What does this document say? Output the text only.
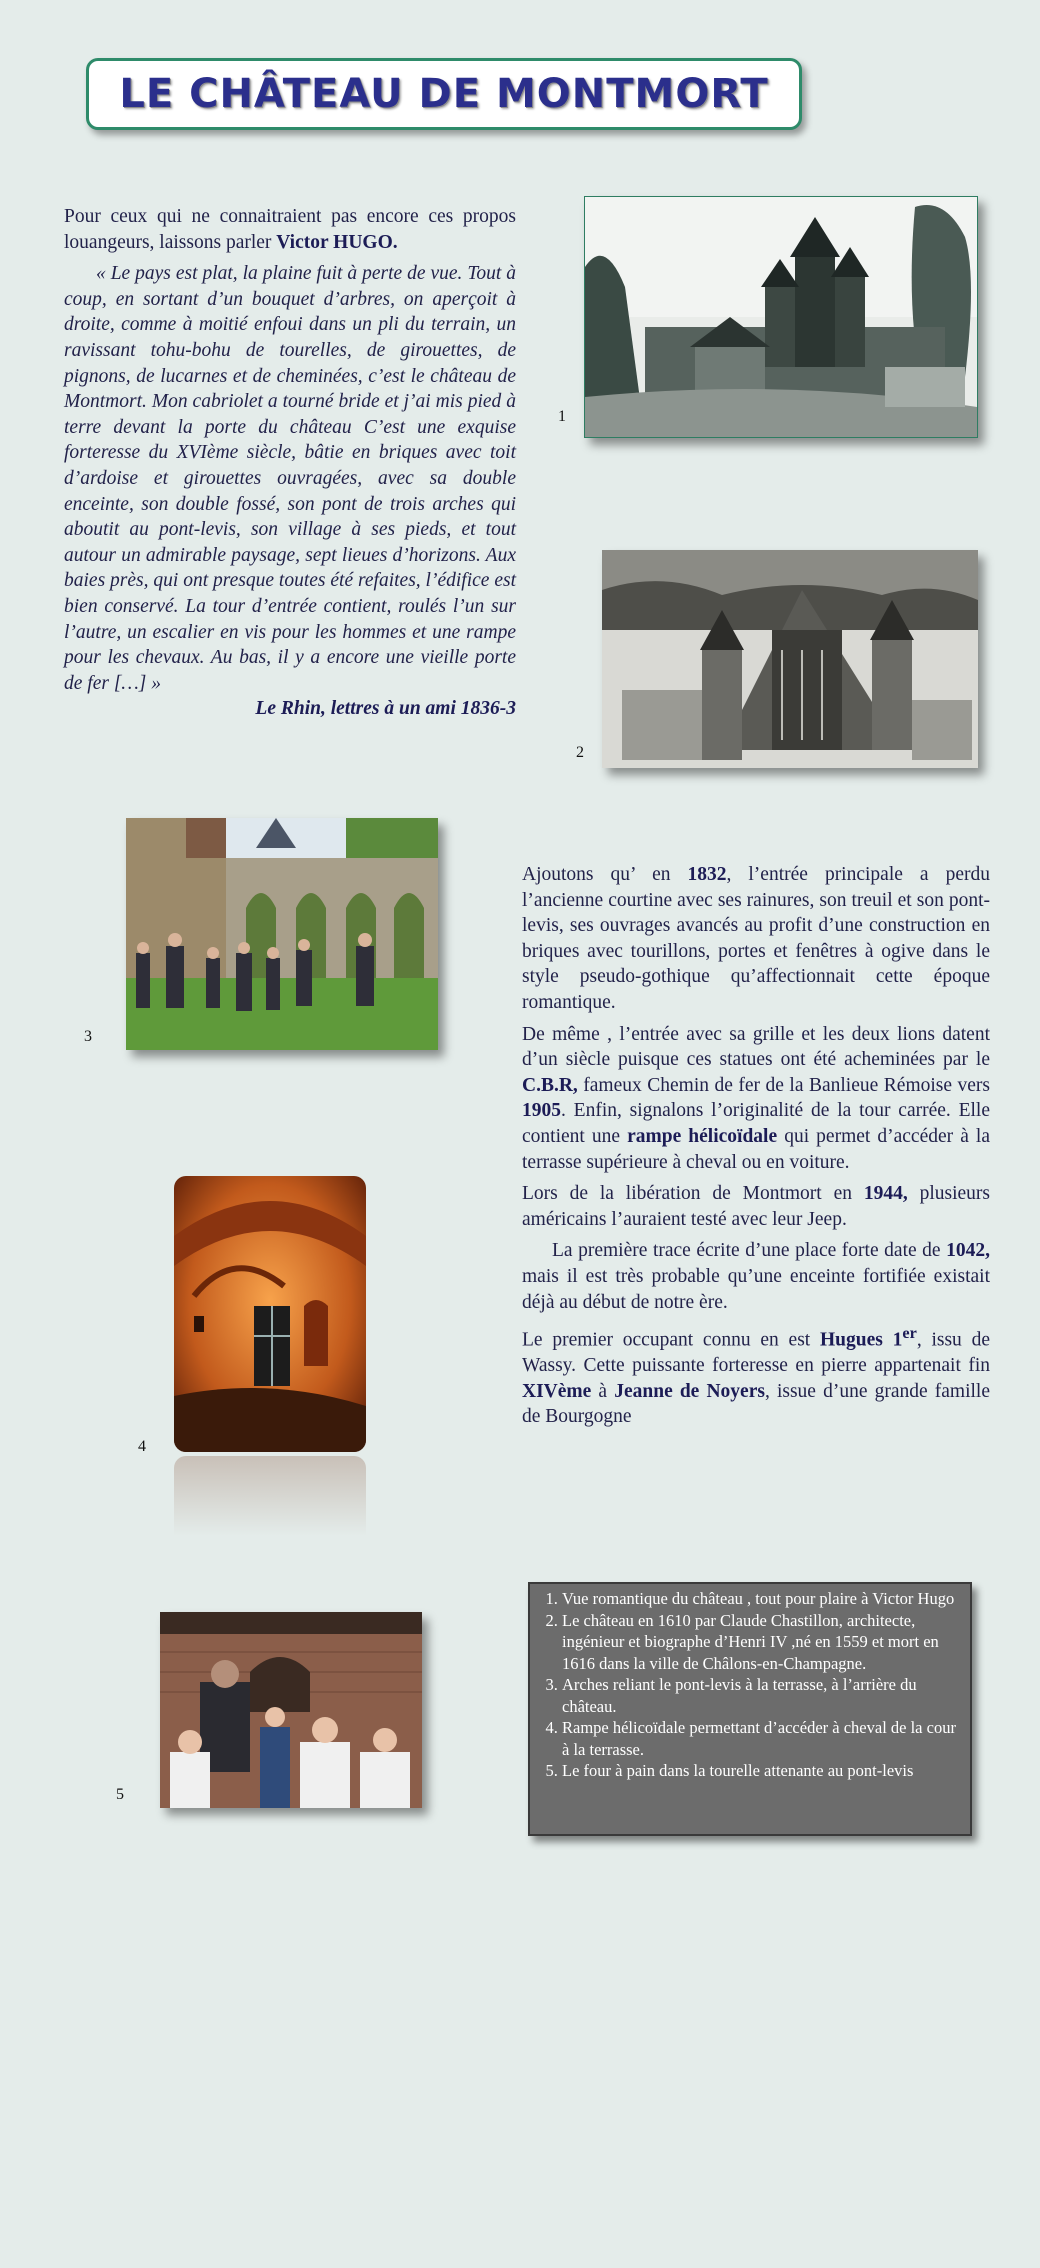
LE CHÂTEAU DE MONTMORT

Pour ceux qui ne connaitraient pas encore ces propos louangeurs, laissons parler Victor HUGO.

« Le pays est plat, la plaine fuit à perte de vue. Tout à coup, en sortant d’un bouquet d’arbres, on aperçoit à droite, comme à moitié enfoui dans un pli du terrain, un ravissant tohu-bohu de tourelles, de girouettes, de pignons, de lucarnes et de cheminées, c’est le château de Montmort. Mon cabriolet a tourné bride et j’ai mis pied à terre devant la porte du château C’est une exquise forteresse du XVIème siècle, bâtie en briques avec toit d’ardoise et girouettes ouvragées, avec sa double enceinte, son double fossé, son pont de trois arches qui aboutit au pont-levis, son village à ses pieds, et tout autour un admirable paysage, sept lieues d’horizons. Aux baies près, qui ont presque toutes été refaites, l’édifice est bien conservé. La tour d’entrée contient, roulés l’un sur l’autre, un escalier en vis pour les hommes et une rampe pour les chevaux. Au bas, il y a encore une vieille porte de fer […] »

Le Rhin, lettres à un ami 1836-3

1
2
3
4
5

Ajoutons qu’ en 1832, l’entrée principale a perdu l’ancienne courtine avec ses rainures, son treuil et son pont-levis, ses ouvrages avancés au profit d’une construction en briques avec tourillons, portes et fenêtres à ogive dans le style pseudo-gothique qu’affectionnait cette époque romantique.

De même , l’entrée avec sa grille et les deux lions datent d’un siècle puisque ces statues ont été acheminées par le C.B.R, fameux Chemin de fer de la Banlieue Rémoise vers 1905. Enfin, signalons l’originalité de la tour carrée. Elle contient une rampe hélicoïdale qui permet d’accéder à la terrasse supérieure à cheval ou en voiture.

Lors de la libération de Montmort en 1944, plusieurs américains l’auraient testé avec leur Jeep.

La première trace écrite d’une place forte date de 1042, mais il est très probable qu’une enceinte fortifiée existait déjà au début de notre ère.

Le premier occupant connu en est Hugues 1er, issu de Wassy. Cette puissante forteresse en pierre appartenait fin XIVème à Jeanne de Noyers, issue d’une grande famille de Bourgogne

1. Vue romantique du château , tout pour plaire à Victor Hugo
2. Le château en 1610 par Claude Chastillon, architecte, ingénieur et biographe d’Henri IV ,né en 1559 et mort en 1616 dans la ville de Châlons-en-Champagne.
3. Arches reliant le pont-levis à la terrasse, à l’arrière du château.
4. Rampe hélicoïdale permettant d’accéder à cheval de la cour à la terrasse.
5. Le four à pain dans la tourelle attenante au pont-levis
